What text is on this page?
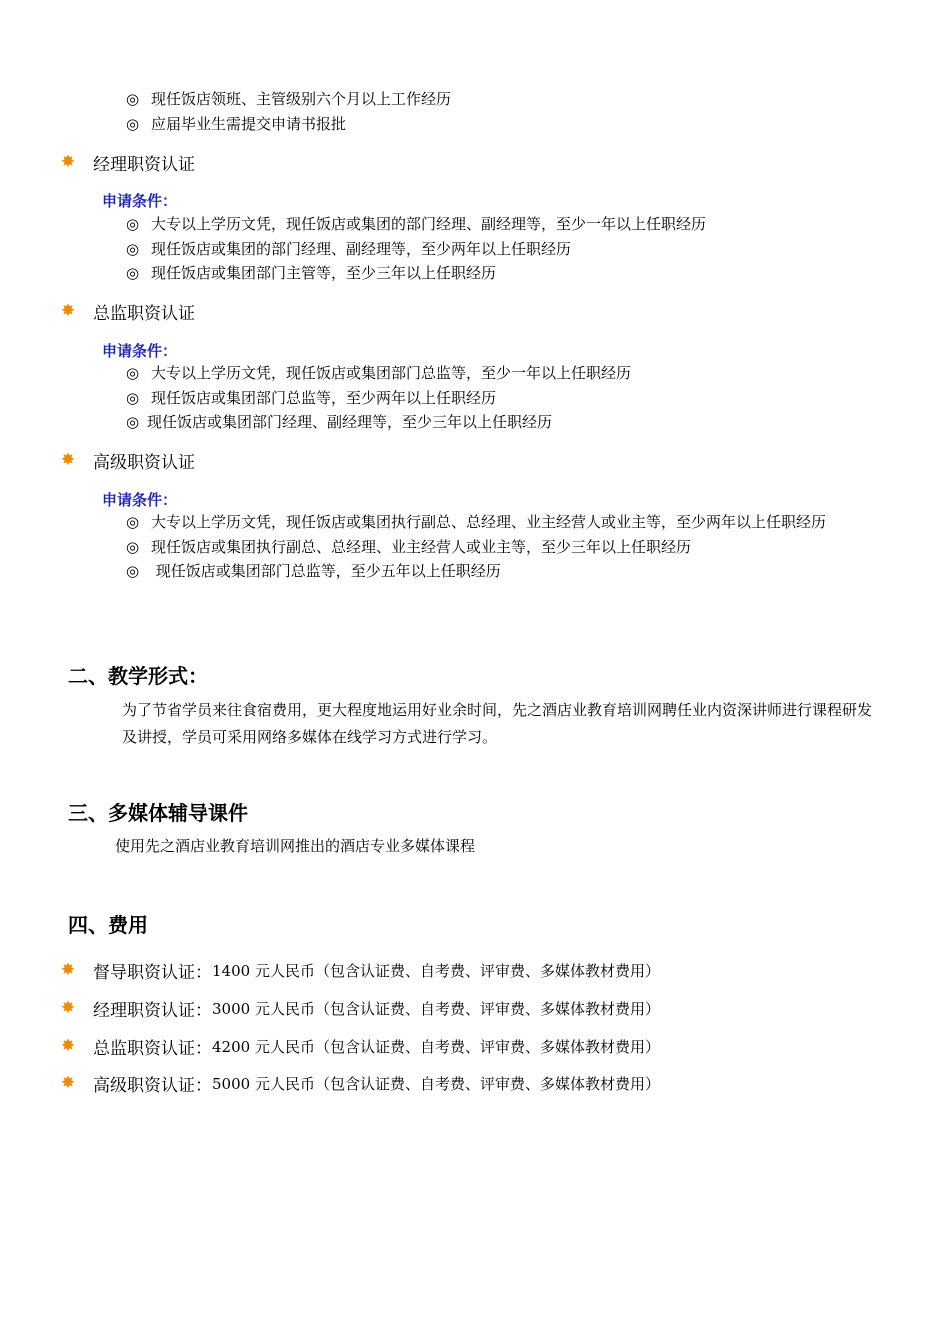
◎ 现任饭店领班、主管级别六个月以上工作经历
◎ 应届毕业生需提交申请书报批
✸ 经理职资认证
申请条件：
◎ 大专以上学历文凭，现任饭店或集团的部门经理、副经理等，至少一年以上任职经历
◎ 现任饭店或集团的部门经理、副经理等，至少两年以上任职经历
◎ 现任饭店或集团部门主管等，至少三年以上任职经历
✸ 总监职资认证
申请条件：
◎ 大专以上学历文凭，现任饭店或集团部门总监等，至少一年以上任职经历
◎ 现任饭店或集团部门总监等，至少两年以上任职经历
◎ 现任饭店或集团部门经理、副经理等，至少三年以上任职经历
✸ 高级职资认证
申请条件：
◎ 大专以上学历文凭，现任饭店或集团执行副总、总经理、业主经营人或业主等，至少两年以上任职经历
◎ 现任饭店或集团执行副总、总经理、业主经营人或业主等，至少三年以上任职经历
◎ 现任饭店或集团部门总监等，至少五年以上任职经历
二、教学形式：
为了节省学员来往食宿费用，更大程度地运用好业余时间，先之酒店业教育培训网聘任业内资深讲师进行课程研发及讲授，学员可采用网络多媒体在线学习方式进行学习。
三、多媒体辅导课件
使用先之酒店业教育培训网推出的酒店专业多媒体课程
四、费用
✸ 督导职资认证： 1400 元人民币（包含认证费、自考费、评审费、多媒体教材费用）
✸ 经理职资认证： 3000 元人民币（包含认证费、自考费、评审费、多媒体教材费用）
✸ 总监职资认证： 4200 元人民币（包含认证费、自考费、评审费、多媒体教材费用）
✸ 高级职资认证： 5000 元人民币（包含认证费、自考费、评审费、多媒体教材费用）
